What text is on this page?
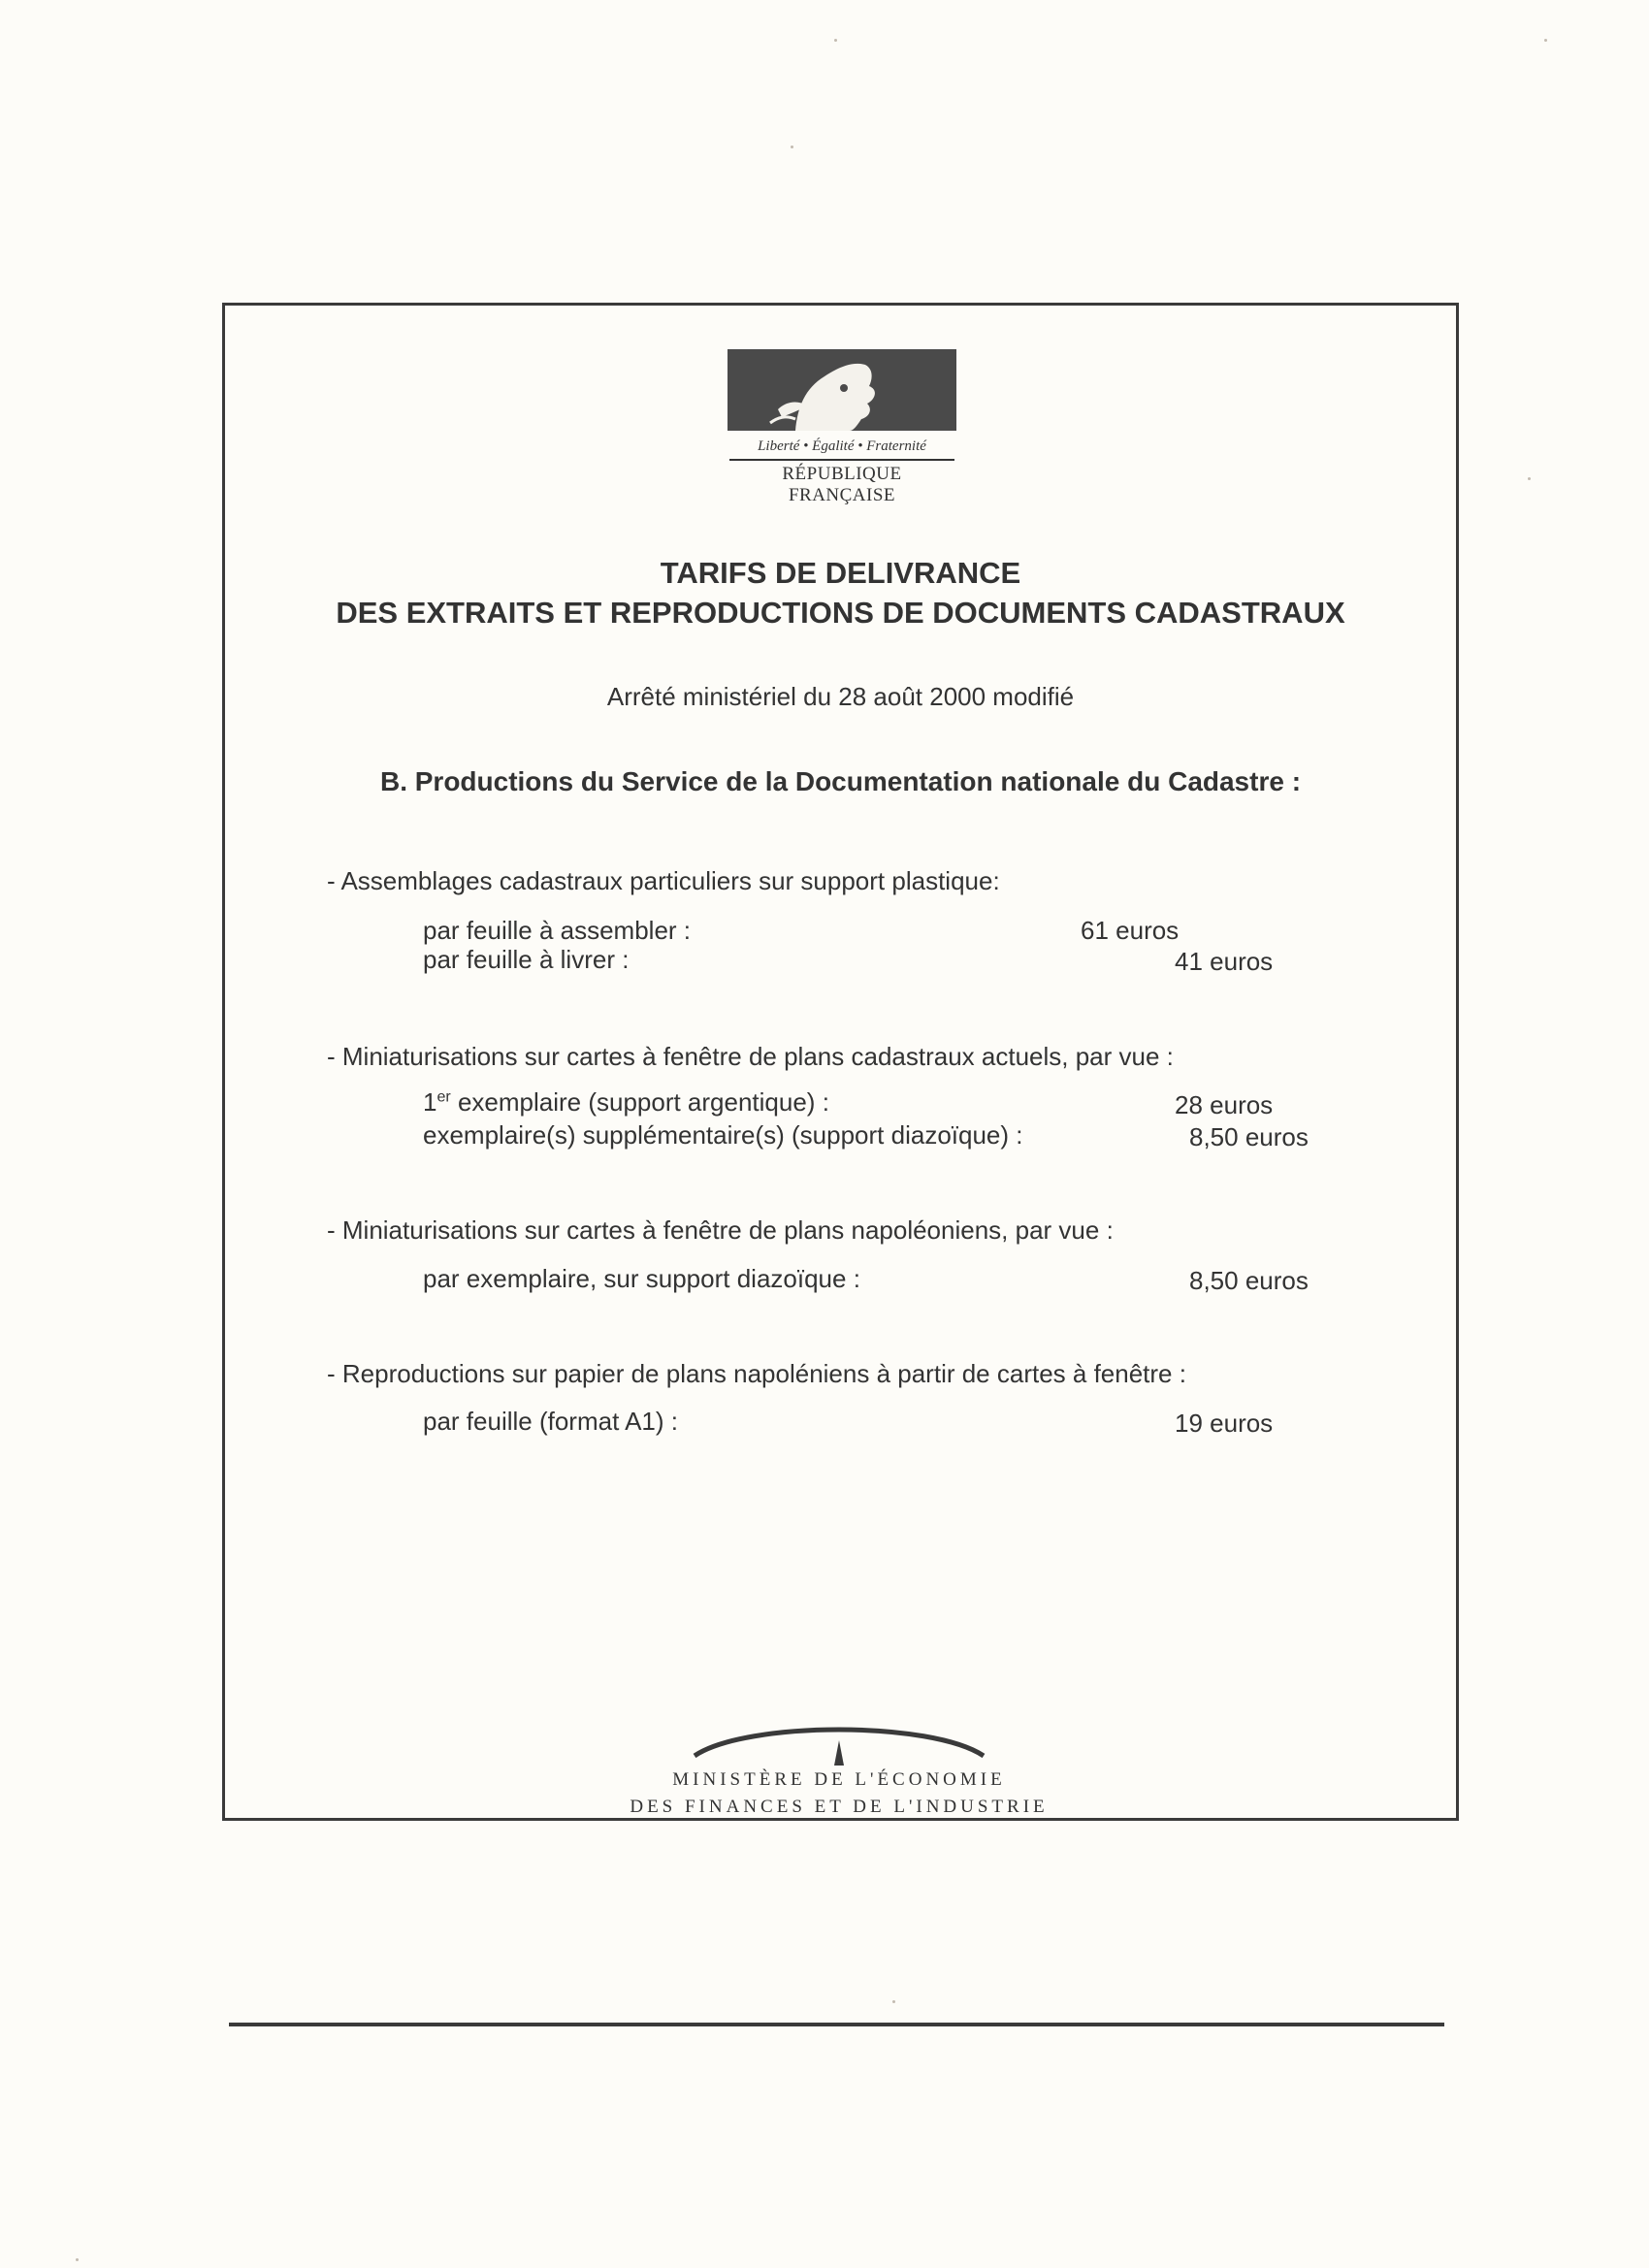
Liberté • Égalité • Fraternité
RÉPUBLIQUE FRANÇAISE
TARIFS DE DELIVRANCE
DES EXTRAITS ET REPRODUCTIONS DE DOCUMENTS CADASTRAUX
Arrêté ministériel du 28 août 2000 modifié
B. Productions du Service de la Documentation nationale du Cadastre :
- Assemblages cadastraux particuliers sur support plastique:
par feuille à assembler :	61 euros
par feuille à livrer :	41 euros
- Miniaturisations sur cartes à fenêtre de plans cadastraux actuels, par vue :
1er exemplaire (support argentique) :	28 euros
exemplaire(s) supplémentaire(s) (support diazoïque) :	8,50 euros
- Miniaturisations sur cartes à fenêtre de plans napoléoniens, par vue :
par exemplaire, sur support diazoïque :	8,50 euros
- Reproductions sur papier de plans napoléniens à partir de cartes à fenêtre :
par feuille (format A1) :	19 euros
MINISTÈRE DE L'ÉCONOMIE
DES FINANCES ET DE L'INDUSTRIE
